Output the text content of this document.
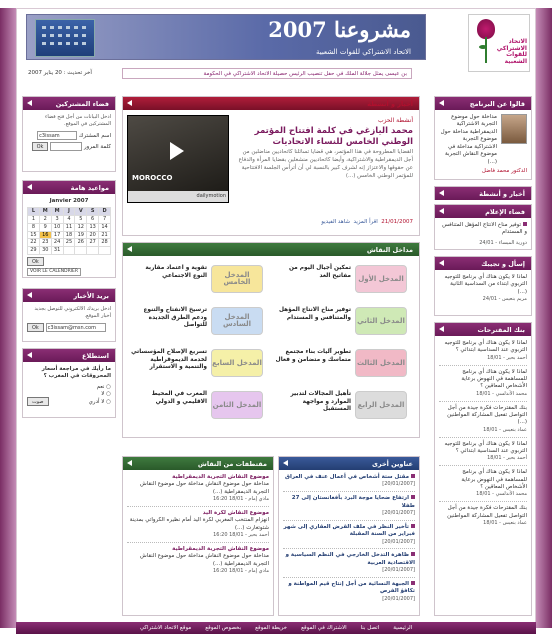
مشروعنا 2007
الاتحاد الاشتراكي للقوات الشعبية
الاتحاد الاشتراكي للقوات الشعبية
آخر تحديث : 20 يناير 2007	بن عيسى يمثل جلالة الملك في حفل تنصيب الرئيس حصيلة الاتحاد الاشتراكي في الحكومة
فضاء المشتركين
ادخل البيانات من أجل فتح فضاء المشتركين في الموقع.
اسم المشترك c3issam
كلمة المرور  Ok
مواعيد هامة
Janvier 2007
L	M	M	J	V	S	D
1	2	3	4	5	6	7
8	9	10	11	12	13	14
15	16	17	18	19	20	21
22	23	24	25	26	27	28
29	30	31				
Ok
VOIR LE CALENDRIER
بريد الأخبار
ادخل بريدك الالكتروني للتوصل بجديد أخبار الموقع.
Ok c3issam@msn.com
استطلاع
ما رأيك في مراجعة أسعار المحروقات في المغرب ؟
○ نعم
○ لا
○ لا أدري
صوت
أخبار و أنشطة
MOROCCO
dailymotion
أنشطة الحزب
محمد اليازغي في كلمة افتتاح المؤتمر الوطني الخامس للنساء الاتحاديات
القضايا المطروحة في هذا المؤتمر، هي قضايا تسائلنا كاتحاديين مناضلين من أجل الديمقراطية والاشتراكية، وأيضا كاتحاديين منشغلين بقضايا المرأة والدفاع عن حقوقها والاعتزاز إنه لشرف كبير بالنسبة لي أن أترأس الجلسة الافتتاحية للمؤتمر الوطني الخامس (...)
21/01/2007  اقرأ المزيد  شاهد الفيديو
مداخل النقاش
المدخل الأول
تمكين أجيال اليوم من مفاتيح الغد
المدخل الخامس
تقوية و اعتماد مقاربة النوع الاجتماعي
المدخل الثاني
توفير مناخ الانتاج المؤهل والمتنافس و المستدام
المدخل السادس
ترسيخ الانفتاح والتنوع ودعم الطرق الجديدة للتواصل
المدخل الثالث
تطوير آليات بناء مجتمع متماسك و متضامن و فعال
المدخل السابع
تسريع الإصلاح المؤسساتي لخدمة الديموقراطية والتنمية و الاستقرار
المدخل الرابع
تأهيل المجالات لتدبير الموارد و مواجهة المستقبل
المدخل الثامن
المغرب في المحيط الاقليمي و الدولي
عناوين أخرى
مقتل ستة أشخاص في أعمال عنف في العراق
[20/01/2007]
ارتفاع ضحايا موجة البرد بأفغانستان إلى 27 طفلا
[20/01/2007]
تأخير النظر في ملف القرض العقاري إلى شهر فبراير من السنة المقبلة
[20/01/2007]
ظاهرة التدخل الخارجي في النظم السياسية و الاقتصادية العربية
[20/01/2007]
الجبهة النسائية من أجل إنتاج قيم المواطنة و تكافؤ الفرص
[20/01/2007]
مقتطفات من النقاش
موضوع النقاش التجربة الديمقراطية
مداخلة حول موضوع النقاش مداخلة حول موضوع النقاش التجربة الديمقراطية (...)
مادي إمام - 18/01 16:20
موضوع النقاش لكرة اليد
انهزام المنتخب المغربي لكرة اليد أمام نظيره الكرواتي بمدينة شتوتغارت (...)
أحمد بحير - 18/01 16:20
موضوع النقاش التجربة الديمقراطية
مداخلة حول موضوع النقاش مداخلة حول موضوع النقاش التجربة الديمقراطية (...)
مادي إمام - 18/01 16:20
قالوا عن البرنامج
مداخلة حول موضوع التجربة الاشتراكية الديمقراطية مداخلة حول موضوع التجربة الاشتراكية مداخلة في موضوع النقاش التجربة (...)
الدكتور محمد فاضل
أخبار و أنشطة
فضاء الإعلام
توفير مناخ الانتاج المؤهل المتنافس و المستدام
دورية الميساء - 24/01
إسأل و تجيبك
لماذا لا يكون هناك أي برنامج للتوجيه التربوي ابتداء من السداسية الثانية (...)
مريم بنعيس - 24/01
بنك المقترحات
لماذا لا يكون هناك أي برنامج للتوجيه التربوي عند السداسية ابتدائي ؟
أحمد بحير - 18/01
لماذا لا يكون هناك أي برنامج للمساهمة في النهوض برعاية الأشخاص المعاقين ؟
محمد الأندلسي - 18/01
بنك المقترحات فكرة جيدة من أجل التواصل تفعيل المشاركة المواطنين (...)
عماد بنعيس - 18/01
لماذا لا يكون هناك أي برنامج للتوجيه التربوي عند السداسية ابتدائي ؟
أحمد بحير - 18/01
لماذا لا يكون هناك أي برنامج للمساهمة في النهوض برعاية الأشخاص المعاقين ؟
محمد الأندلسي - 18/01
بنك المقترحات فكرة جيدة من أجل التواصل تفعيل المشاركة المواطنين
عماد بنعيس - 18/01
الرئيسية
اتصل بنا
الاشتراك في الموقع
خريطة الموقع
بخصوص الموقع
موقع الاتحاد الاشتراكي
